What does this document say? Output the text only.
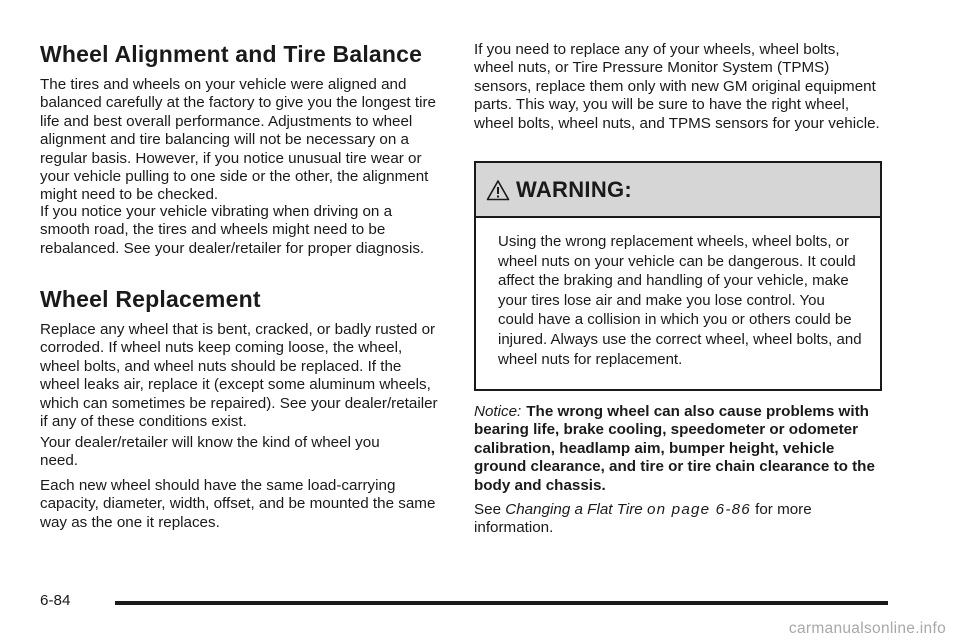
Wheel Alignment and Tire Balance

The tires and wheels on your vehicle were aligned and balanced carefully at the factory to give you the longest tire life and best overall performance. Adjustments to wheel alignment and tire balancing will not be necessary on a regular basis. However, if you notice unusual tire wear or your vehicle pulling to one side or the other, the alignment might need to be checked.

If you notice your vehicle vibrating when driving on a smooth road, the tires and wheels might need to be rebalanced. See your dealer/retailer for proper diagnosis.

Wheel Replacement

Replace any wheel that is bent, cracked, or badly rusted or corroded. If wheel nuts keep coming loose, the wheel, wheel bolts, and wheel nuts should be replaced. If the wheel leaks air, replace it (except some aluminum wheels, which can sometimes be repaired). See your dealer/retailer if any of these conditions exist.

Your dealer/retailer will know the kind of wheel you need.

Each new wheel should have the same load-carrying capacity, diameter, width, offset, and be mounted the same way as the one it replaces.

If you need to replace any of your wheels, wheel bolts, wheel nuts, or Tire Pressure Monitor System (TPMS) sensors, replace them only with new GM original equipment parts. This way, you will be sure to have the right wheel, wheel bolts, wheel nuts, and TPMS sensors for your vehicle.

WARNING:

Using the wrong replacement wheels, wheel bolts, or wheel nuts on your vehicle can be dangerous. It could affect the braking and handling of your vehicle, make your tires lose air and make you lose control. You could have a collision in which you or others could be injured. Always use the correct wheel, wheel bolts, and wheel nuts for replacement.

Notice: The wrong wheel can also cause problems with bearing life, brake cooling, speedometer or odometer calibration, headlamp aim, bumper height, vehicle ground clearance, and tire or tire chain clearance to the body and chassis.

See Changing a Flat Tire on page 6-86 for more information.

6-84
carmanualsonline.info
